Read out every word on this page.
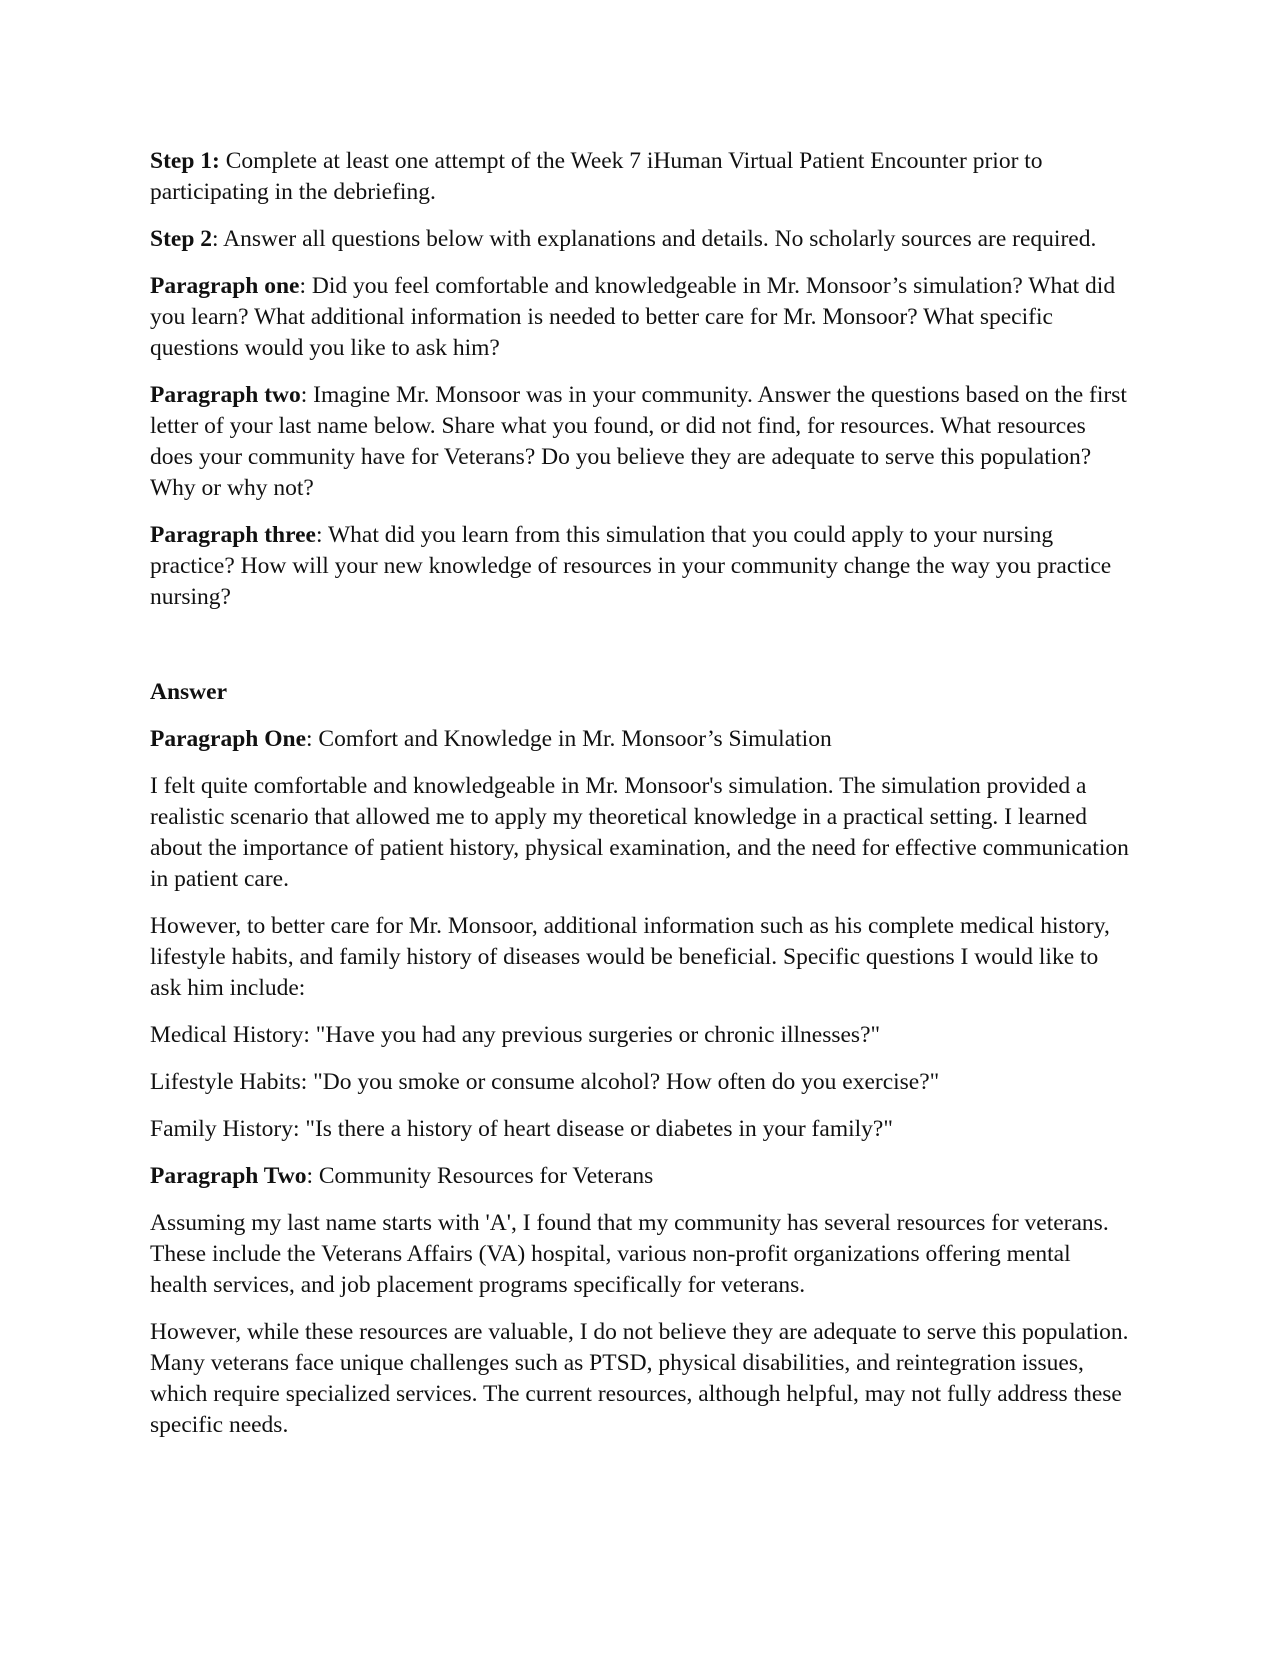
Step 1: Complete at least one attempt of the Week 7 iHuman Virtual Patient Encounter prior to participating in the debriefing.

Step 2: Answer all questions below with explanations and details. No scholarly sources are required.

Paragraph one: Did you feel comfortable and knowledgeable in Mr. Monsoor’s simulation? What did you learn? What additional information is needed to better care for Mr. Monsoor? What specific questions would you like to ask him?

Paragraph two: Imagine Mr. Monsoor was in your community. Answer the questions based on the first letter of your last name below. Share what you found, or did not find, for resources. What resources does your community have for Veterans? Do you believe they are adequate to serve this population? Why or why not?

Paragraph three: What did you learn from this simulation that you could apply to your nursing practice? How will your new knowledge of resources in your community change the way you practice nursing?

Answer

Paragraph One: Comfort and Knowledge in Mr. Monsoor’s Simulation

I felt quite comfortable and knowledgeable in Mr. Monsoor's simulation. The simulation provided a realistic scenario that allowed me to apply my theoretical knowledge in a practical setting. I learned about the importance of patient history, physical examination, and the need for effective communication in patient care.

However, to better care for Mr. Monsoor, additional information such as his complete medical history, lifestyle habits, and family history of diseases would be beneficial. Specific questions I would like to ask him include:

Medical History: "Have you had any previous surgeries or chronic illnesses?"

Lifestyle Habits: "Do you smoke or consume alcohol? How often do you exercise?"

Family History: "Is there a history of heart disease or diabetes in your family?"

Paragraph Two: Community Resources for Veterans

Assuming my last name starts with 'A', I found that my community has several resources for veterans. These include the Veterans Affairs (VA) hospital, various non-profit organizations offering mental health services, and job placement programs specifically for veterans.

However, while these resources are valuable, I do not believe they are adequate to serve this population. Many veterans face unique challenges such as PTSD, physical disabilities, and reintegration issues, which require specialized services. The current resources, although helpful, may not fully address these specific needs.
